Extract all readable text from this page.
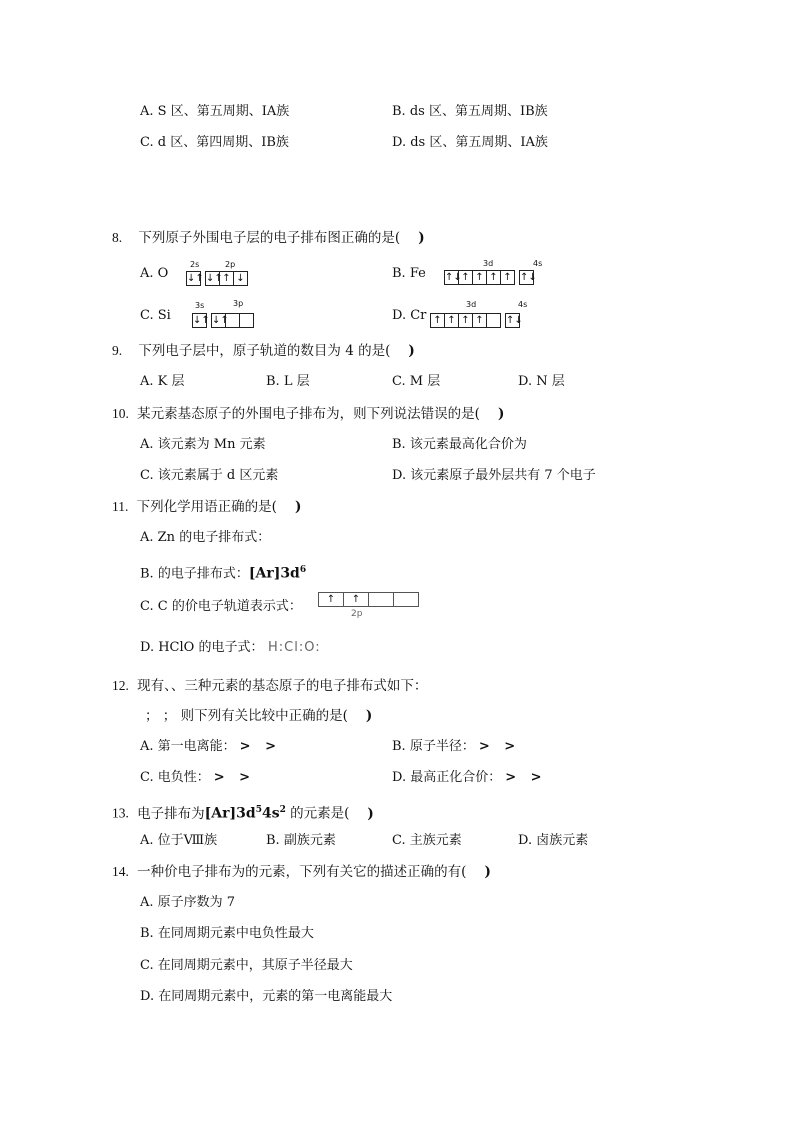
A. S 区、第五周期、ⅠA族	B. ds 区、第五周期、ⅠB族
C. d 区、第四周期、ⅠB族	D. ds 区、第五周期、ⅠA族
8. 下列原子外围电子层的电子排布图正确的是( )
A. O
2s	2p
↓↑ ↓↑ ↑ ↓	B. Fe
3d	4s
↑↓ ↑ ↑ ↑ ↑ ↑↓
C. Si
3s	3p
↓↑ ↓↑	D. Cr
3d	4s
↑ ↑ ↑ ↑	↑↓
9. 下列电子层中，原子轨道的数目为 4 的是( )
A. K 层	B. L 层	C. M 层	D. N 层
10. 某元素基态原子的外围电子排布为，则下列说法错误的是( )
A. 该元素为 Mn 元素	B. 该元素最高化合价为
C. 该元素属于 d 区元素	D. 该元素原子最外层共有 7 个电子
11. 下列化学用语正确的是( )
A. Zn 的电子排布式：
B. 的电子排布式：$[Ar]3d^6$
C. C 的价电子轨道表示式：	↑	↑
2p
D. HClO 的电子式： H:Cl:O:
12. 现有、、三种元素的基态原子的电子排布式如下：
； ； 则下列有关比较中正确的是( )
A. 第一电离能： > >	B. 原子半径： > >
C. 电负性： > >	D. 最高正化合价： > >
13. 电子排布为$[Ar]3d^54s^2$ 的元素是( )
A. 位于Ⅷ族	B. 副族元素	C. 主族元素	D. 卤族元素
14. 一种价电子排布为的元素，下列有关它的描述正确的有( )
A. 原子序数为 7
B. 在同周期元素中电负性最大
C. 在同周期元素中，其原子半径最大
D. 在同周期元素中，元素的第一电离能最大
